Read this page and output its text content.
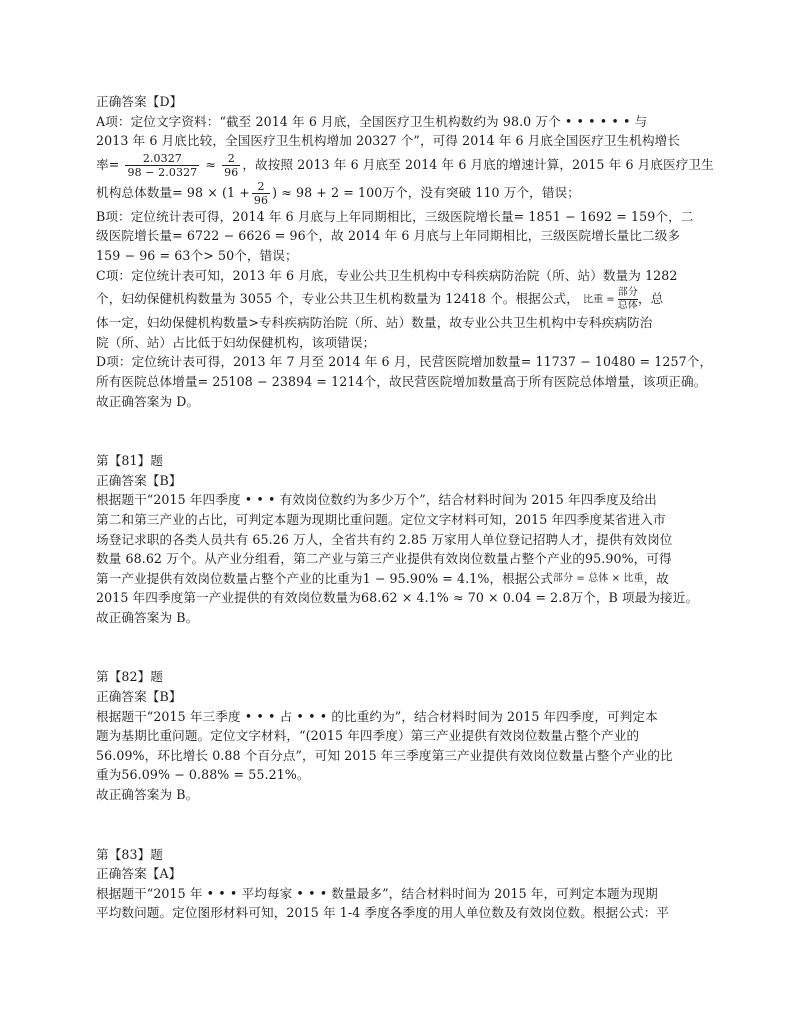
正确答案【D】
A项：定位文字资料：“截至 2014 年 6 月底，全国医疗卫生机构数约为 98.0 万个 • • • • • • 与
2013 年 6 月底比较，全国医疗卫生机构增加 20327 个”，可得 2014 年 6 月底全国医疗卫生机构增长
率= $\frac{2.0327}{98 - 2.0327} \approx \frac{2}{96}$ ，故按照 2013 年 6 月底至 2014 年 6 月底的增速计算，2015 年 6 月底医疗卫生
机构总体数量= $98 \times (1 + \frac{2}{96}$ ) ≈ 98 + 2 = 100万个，没有突破 110 万个，错误；
B项：定位统计表可得，2014 年 6 月底与上年同期相比，三级医院增长量= 1851 − 1692 = 159个，二
级医院增长量= 6722 − 6626 = 96个，故 2014 年 6 月底与上年同期相比，三级医院增长量比二级多
159 − 96 = 63个> 50个，错误；
C项：定位统计表可知，2013 年 6 月底，专业公共卫生机构中专科疾病防治院（所、站）数量为 1282
个，妇幼保健机构数量为 3055 个，专业公共卫生机构数量为 12418 个。根据公式， 比重 =
部分
总体 ，总
体一定，妇幼保健机构数量>专科疾病防治院（所、站）数量，故专业公共卫生机构中专科疾病防治
院（所、站）占比低于妇幼保健机构，该项错误；
D项：定位统计表可得，2013 年 7 月至 2014 年 6 月，民营医院增加数量= 11737 − 10480 = 1257个，
所有医院总体增量= 25108 − 23894 = 1214个，故民营医院增加数量高于所有医院总体增量，该项正确。
故正确答案为 D。
第【81】题
正确答案【B】
根据题干“2015 年四季度 • • • 有效岗位数约为多少万个”，结合材料时间为 2015 年四季度及给出
第二和第三产业的占比，可判定本题为现期比重问题。定位文字材料可知，2015 年四季度某省进入市
场登记求职的各类人员共有 65.26 万人，全省共有约 2.85 万家用人单位登记招聘人才，提供有效岗位
数量 68.62 万个。从产业分组看，第二产业与第三产业提供有效岗位数量占整个产业的95.90%，可得
第一产业提供有效岗位数量占整个产业的比重为1 − 95.90% = 4.1%，根据公式部分 = 总体 × 比重，故
2015 年四季度第一产业提供的有效岗位数量为68.62 × 4.1% ≈ 70 × 0.04 = 2.8万个，B 项最为接近。
故正确答案为 B。
第【82】题
正确答案【B】
根据题干“2015 年三季度 • • • 占 • • • 的比重约为”，结合材料时间为 2015 年四季度，可判定本
题为基期比重问题。定位文字材料，“(2015 年四季度）第三产业提供有效岗位数量占整个产业的
56.09%，环比增长 0.88 个百分点”，可知 2015 年三季度第三产业提供有效岗位数量占整个产业的比
重为56.09% − 0.88% = 55.21%。
故正确答案为 B。
第【83】题
正确答案【A】
根据题干“2015 年 • • • 平均每家 • • • 数量最多”，结合材料时间为 2015 年，可判定本题为现期
平均数问题。定位图形材料可知，2015 年 1-4 季度各季度的用人单位数及有效岗位数。根据公式：平
